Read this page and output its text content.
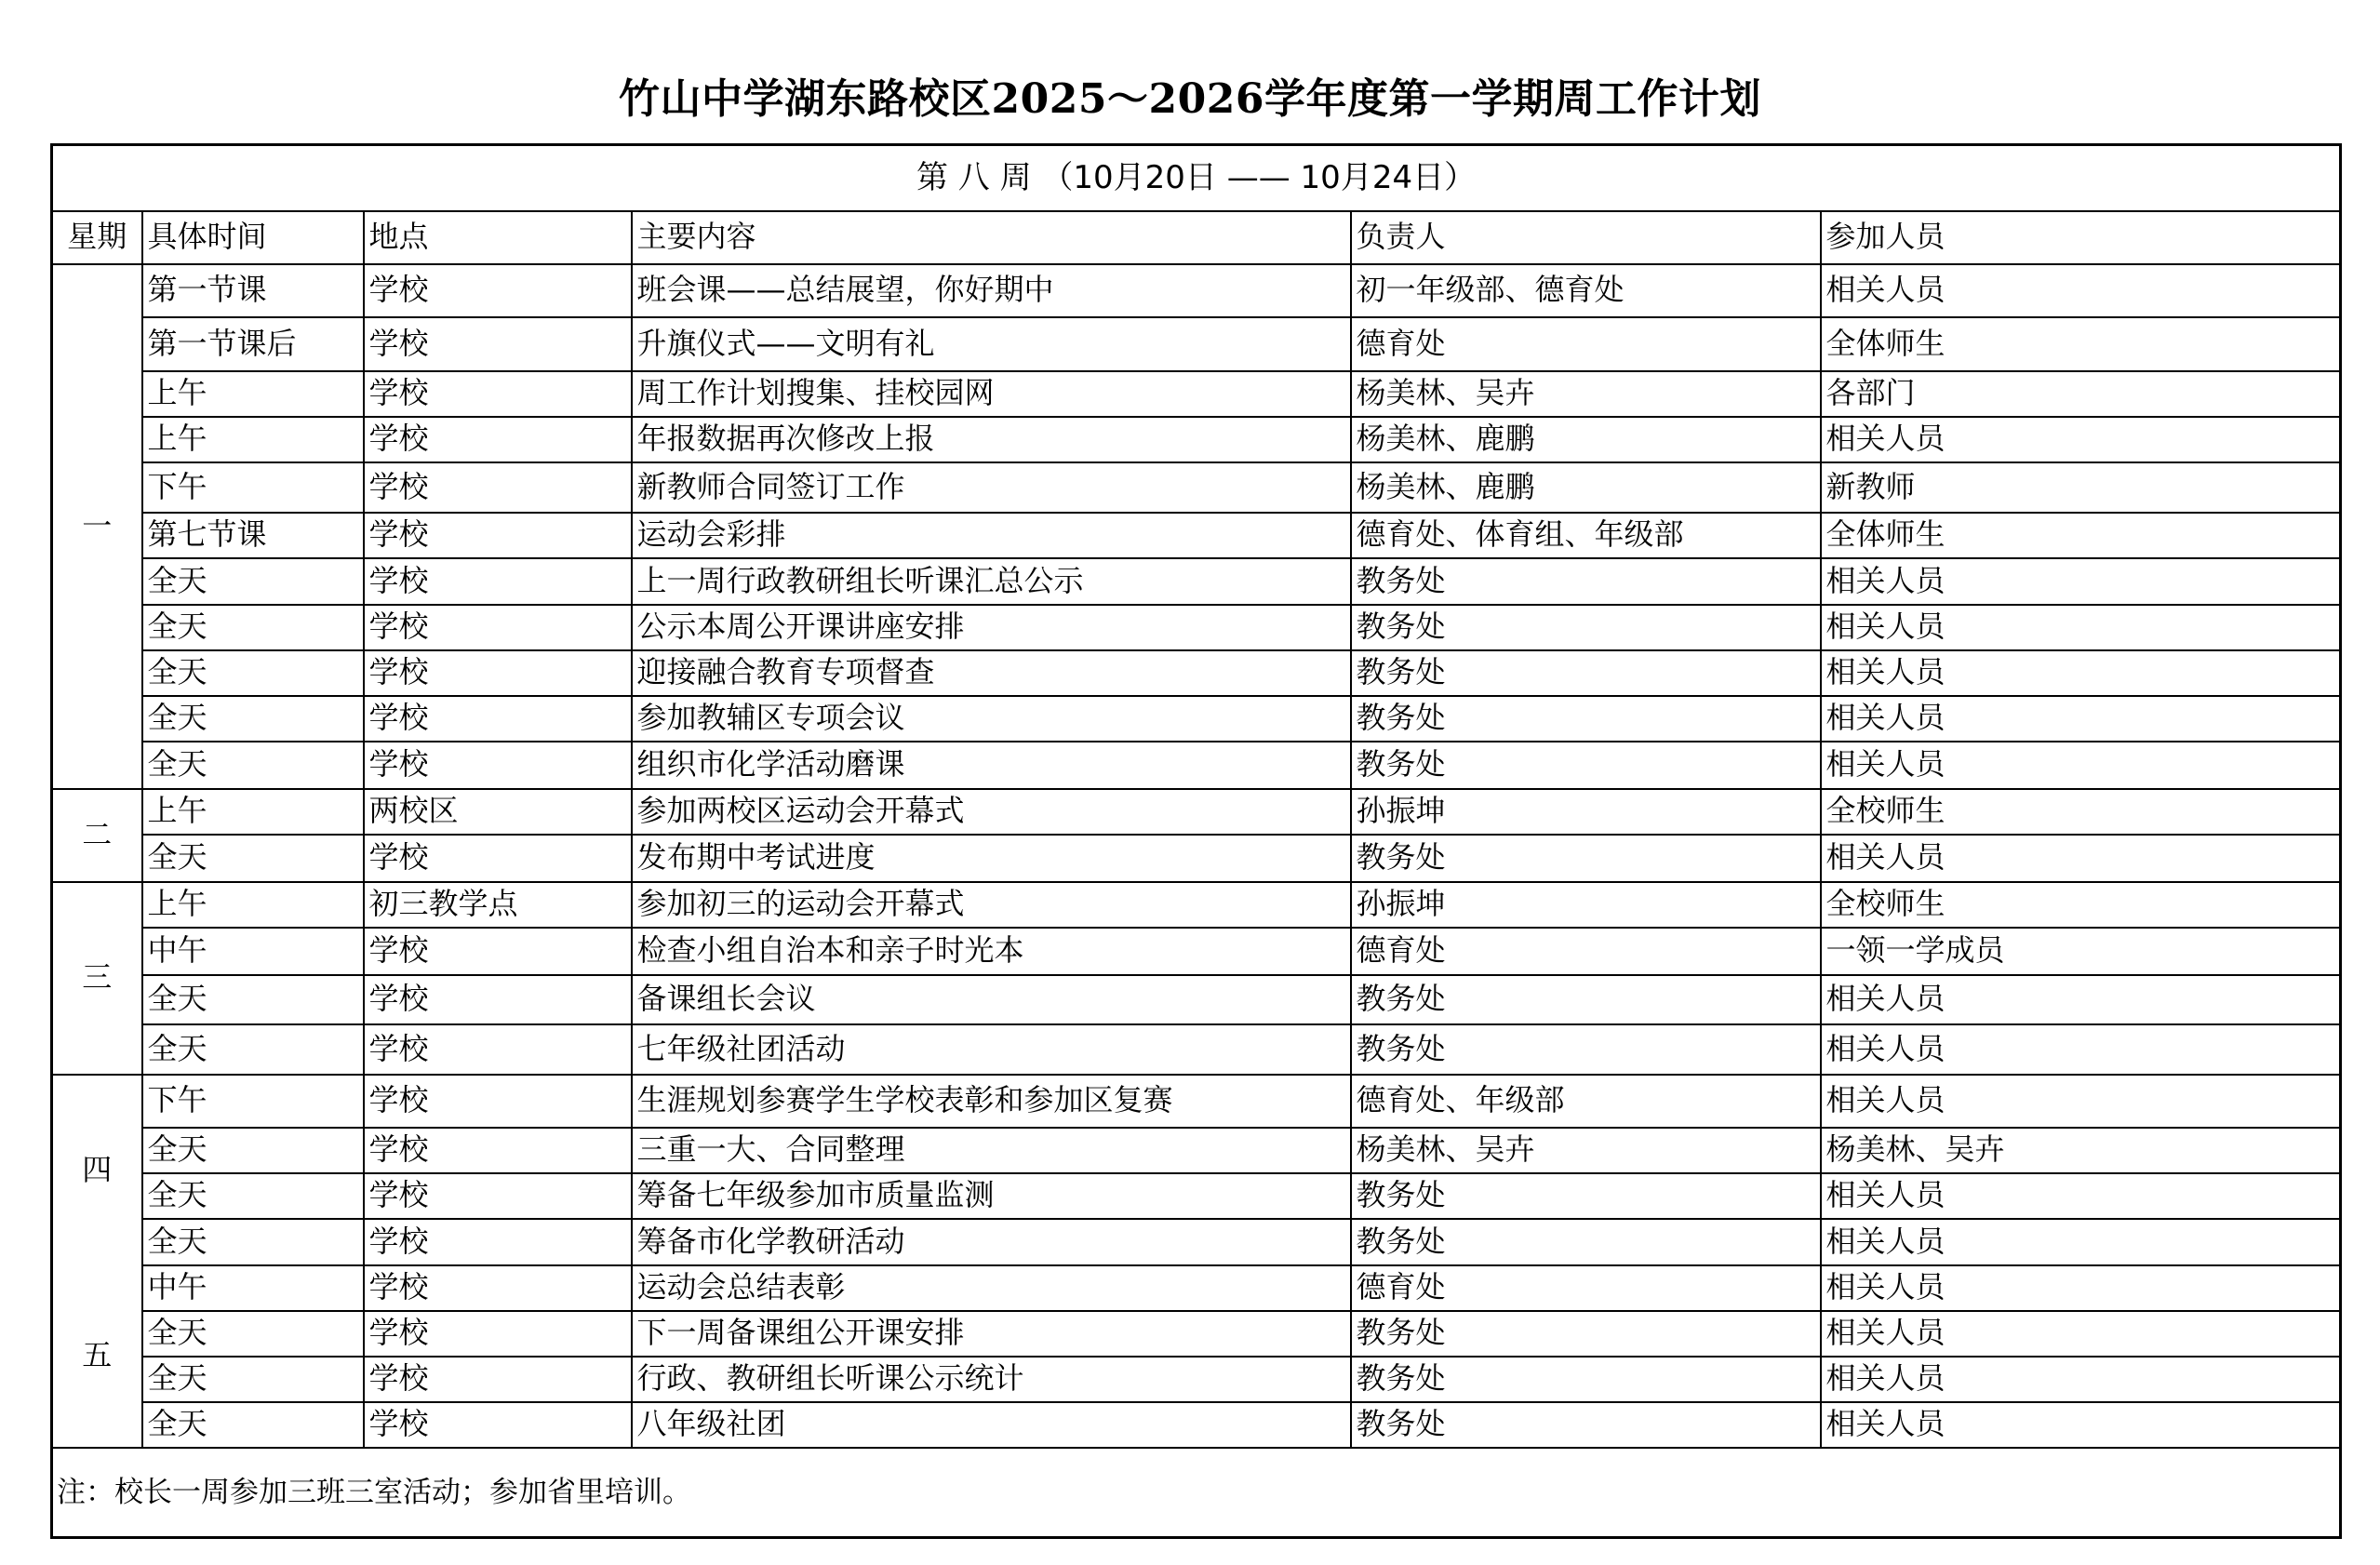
竹山中学湖东路校区2025～2026学年度第一学期周工作计划
第 八 周 （10月20日 —— 10月24日）					
星期	具体时间	地点	主要内容	负责人	参加人员
一	第一节课	学校	班会课——总结展望，你好期中	初一年级部、德育处	相关人员
	第一节课后	学校	升旗仪式——文明有礼	德育处	全体师生
	上午	学校	周工作计划搜集、挂校园网	杨美林、吴卉	各部门
	上午	学校	年报数据再次修改上报	杨美林、鹿鹏	相关人员
	下午	学校	新教师合同签订工作	杨美林、鹿鹏	新教师
	第七节课	学校	运动会彩排	德育处、体育组、年级部	全体师生
	全天	学校	上一周行政教研组长听课汇总公示	教务处	相关人员
	全天	学校	公示本周公开课讲座安排	教务处	相关人员
	全天	学校	迎接融合教育专项督查	教务处	相关人员
	全天	学校	参加教辅区专项会议	教务处	相关人员
	全天	学校	组织市化学活动磨课	教务处	相关人员
二	上午	两校区	参加两校区运动会开幕式	孙振坤	全校师生
	全天	学校	发布期中考试进度	教务处	相关人员
三	上午	初三教学点	参加初三的运动会开幕式	孙振坤	全校师生
	中午	学校	检查小组自治本和亲子时光本	德育处	一领一学成员
	全天	学校	备课组长会议	教务处	相关人员
	全天	学校	七年级社团活动	教务处	相关人员
四	下午	学校	生涯规划参赛学生学校表彰和参加区复赛	德育处、年级部	相关人员
	全天	学校	三重一大、合同整理	杨美林、吴卉	杨美林、吴卉
	全天	学校	筹备七年级参加市质量监测	教务处	相关人员
	全天	学校	筹备市化学教研活动	教务处	相关人员
五	中午	学校	运动会总结表彰	德育处	相关人员
	全天	学校	下一周备课组公开课安排	教务处	相关人员
	全天	学校	行政、教研组长听课公示统计	教务处	相关人员
	全天	学校	八年级社团	教务处	相关人员
注：校长一周参加三班三室活动；参加省里培训。					
